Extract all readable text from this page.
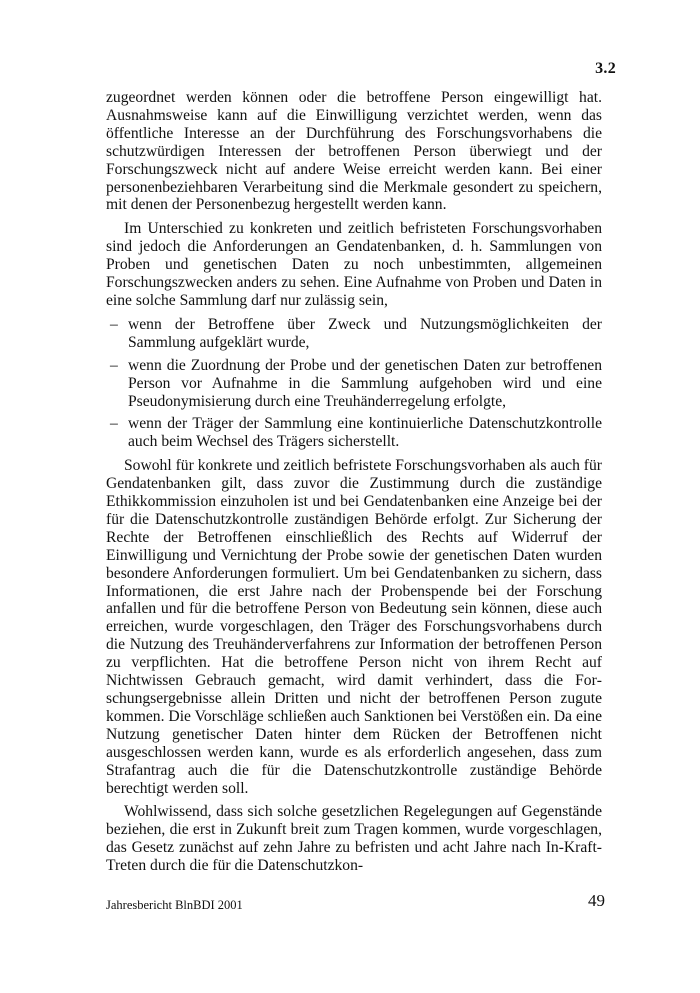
3.2

zugeordnet werden können oder die betroffene Person eingewilligt hat. Ausnahmsweise kann auf die Einwilligung verzichtet werden, wenn das öffentliche Interesse an der Durchführung des Forschungsvorhabens die schutzwürdigen Interessen der betroffenen Person überwiegt und der Forschungszweck nicht auf andere Weise erreicht werden kann. Bei einer personenbeziehbaren Verarbeitung sind die Merkmale gesondert zu speichern, mit denen der Personenbezug hergestellt werden kann.

Im Unterschied zu konkreten und zeitlich befristeten Forschungsvorhaben sind jedoch die Anforderungen an Gendatenbanken, d. h. Sammlungen von Proben und genetischen Daten zu noch unbestimmten, allgemeinen Forschungszwecken anders zu sehen. Eine Aufnahme von Proben und Daten in eine solche Sammlung darf nur zulässig sein,

– wenn der Betroffene über Zweck und Nutzungsmöglichkeiten der Sammlung aufgeklärt wurde,
– wenn die Zuordnung der Probe und der genetischen Daten zur betroffenen Person vor Aufnahme in die Sammlung aufgehoben wird und eine Pseudonymisierung durch eine Treuhänderregelung erfolgte,
– wenn der Träger der Sammlung eine kontinuierliche Datenschutzkontrolle auch beim Wechsel des Trägers sicherstellt.

Sowohl für konkrete und zeitlich befristete Forschungsvorhaben als auch für Gendatenbanken gilt, dass zuvor die Zustimmung durch die zuständige Ethikkommission einzuholen ist und bei Gendatenbanken eine Anzeige bei der für die Datenschutzkontrolle zuständigen Behörde erfolgt. Zur Sicherung der Rechte der Betroffenen einschließlich des Rechts auf Widerruf der Einwilligung und Vernichtung der Probe sowie der genetischen Daten wurden besondere Anforderungen formuliert. Um bei Gendatenbanken zu sichern, dass Informationen, die erst Jahre nach der Probenspende bei der Forschung anfallen und für die betroffene Person von Bedeutung sein können, diese auch erreichen, wurde vorgeschlagen, den Träger des Forschungsvorhabens durch die Nutzung des Treuhänderverfahrens zur Information der betroffenen Person zu verpflichten. Hat die betroffene Person nicht von ihrem Recht auf Nichtwissen Gebrauch gemacht, wird damit verhindert, dass die Forschungsergebnisse allein Dritten und nicht der betroffenen Person zugute kommen. Die Vorschläge schließen auch Sanktionen bei Verstößen ein. Da eine Nutzung genetischer Daten hinter dem Rücken der Betroffenen nicht ausgeschlossen werden kann, wurde es als erforderlich angesehen, dass zum Strafantrag auch die für die Datenschutzkontrolle zuständige Behörde berechtigt werden soll.

Wohlwissend, dass sich solche gesetzlichen Regelegungen auf Gegenstände beziehen, die erst in Zukunft breit zum Tragen kommen, wurde vorgeschlagen, das Gesetz zunächst auf zehn Jahre zu befristen und acht Jahre nach In-Kraft-Treten durch die für die Datenschutzkon-

Jahresbericht BlnBDI 2001	49
